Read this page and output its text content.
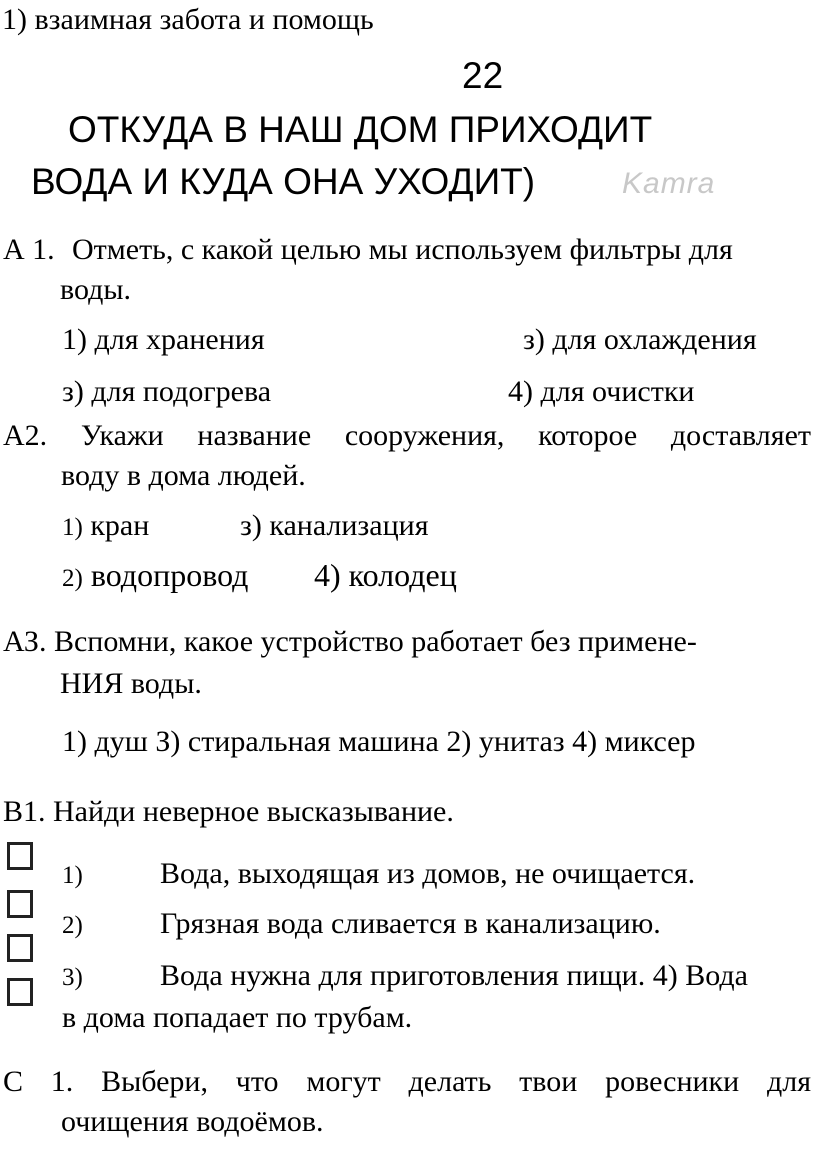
1) взаимная забота и помощь
22
ОТКУДА В НАШ ДОМ ПРИХОДИТ
ВОДА И КУДА ОНА УХОДИТ)	Kamra
А 1. Отметь, с какой целью мы используем фильтры для
воды.
1) для хранения	з) для охлаждения
з) для подогрева	4) для очистки
А2. Укажи название сооружения, которое доставляет
воду в дома людей.
1) кран	з) канализация
2) водопровод 4) колодец
АЗ. Вспомни, какое устройство работает без примене-
НИЯ воды.
1) душ З) стиральная машина 2) унитаз 4) миксер
В1. Найди неверное высказывание.
1)	Вода, выходящая из домов, не очищается.
2)	Грязная вода сливается в канализацию.
3)	Вода нужна для приготовления пищи. 4) Вода
в дома попадает по трубам.
С 1. Выбери, что могут делать твои ровесники для
очищения водоёмов.
